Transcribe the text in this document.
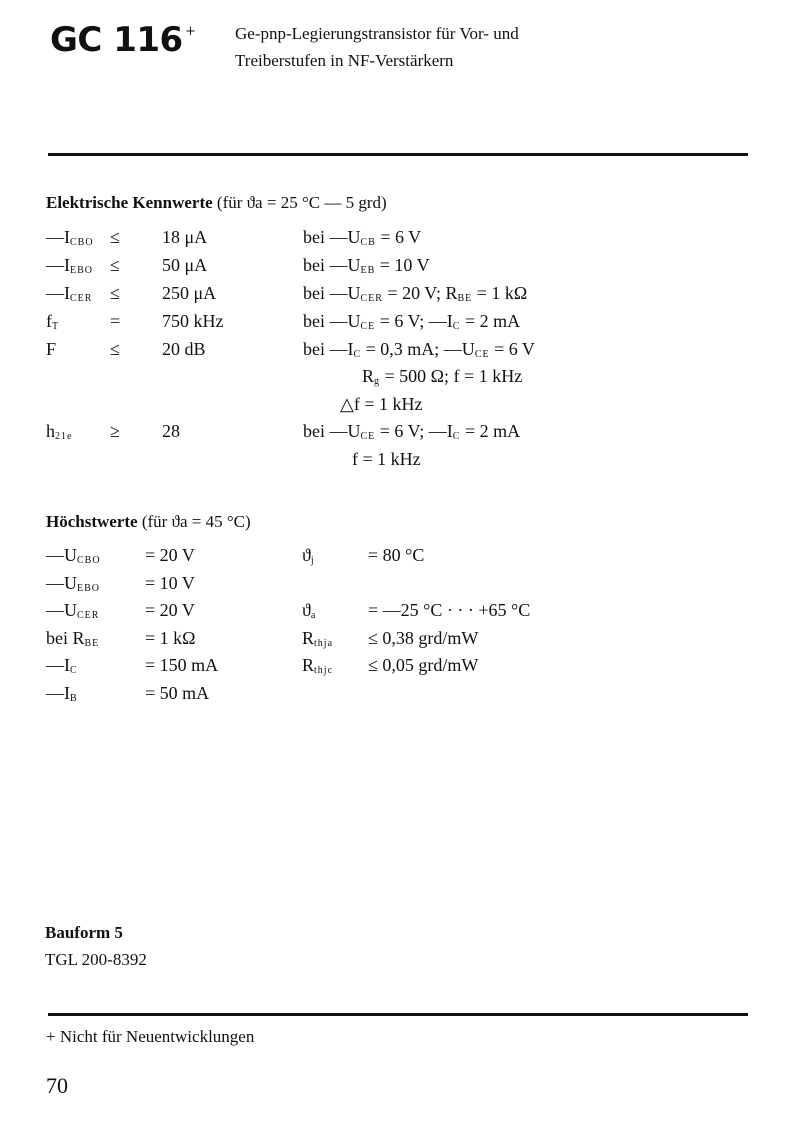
GC 116 + Ge-pnp-Legierungstransistor für Vor- und
Treiberstufen in NF-Verstärkern
Elektrische Kennwerte (für ϑa = 25 °C — 5 grd)
$—I_{CBO} \le 18$ μA	bei $—U_{CB} = 6$ V
$—I_{EBO} \le 50$ μA	bei $—U_{EB} = 10$ V
$—I_{CER} \le 250$ μA	bei $—U_{CER} = 20$ V; $R_{BE} = 1$ kΩ
$f_T$	= 750 kHz	bei $—U_{CE} = 6$ V; $—I_C = 2$ mA
F	≤ 20 dB	bei $—I_C = 0,3$ mA; $—U_{CE} = 6$ V
$R_g = 500$ Ω; f = 1 kHz
△f = 1 kHz
$h_{21e} \ge 28$	bei $—U_{CE} = 6$ V; $—I_C = 2$ mA
f = 1 kHz
Höchstwerte (für ϑa = 45 °C)
$—U_{CBO} = 20$ V	$ϑ_j$	= 80 °C
$—U_{EBO}$	= 10 V
$—U_{CER}$	= 20 V	$ϑ_a$	= —25 °C · · · +65 °C
bei $R_{BE}$	= 1 kΩ	$R_{thja} \le 0,38$ grd/mW
$—I_C$	= 150 mA	$R_{thjc} \le 0,05$ grd/mW
$—I_B$	= 50 mA
Bauform 5
TGL 200-8392
+ Nicht für Neuentwicklungen
70
